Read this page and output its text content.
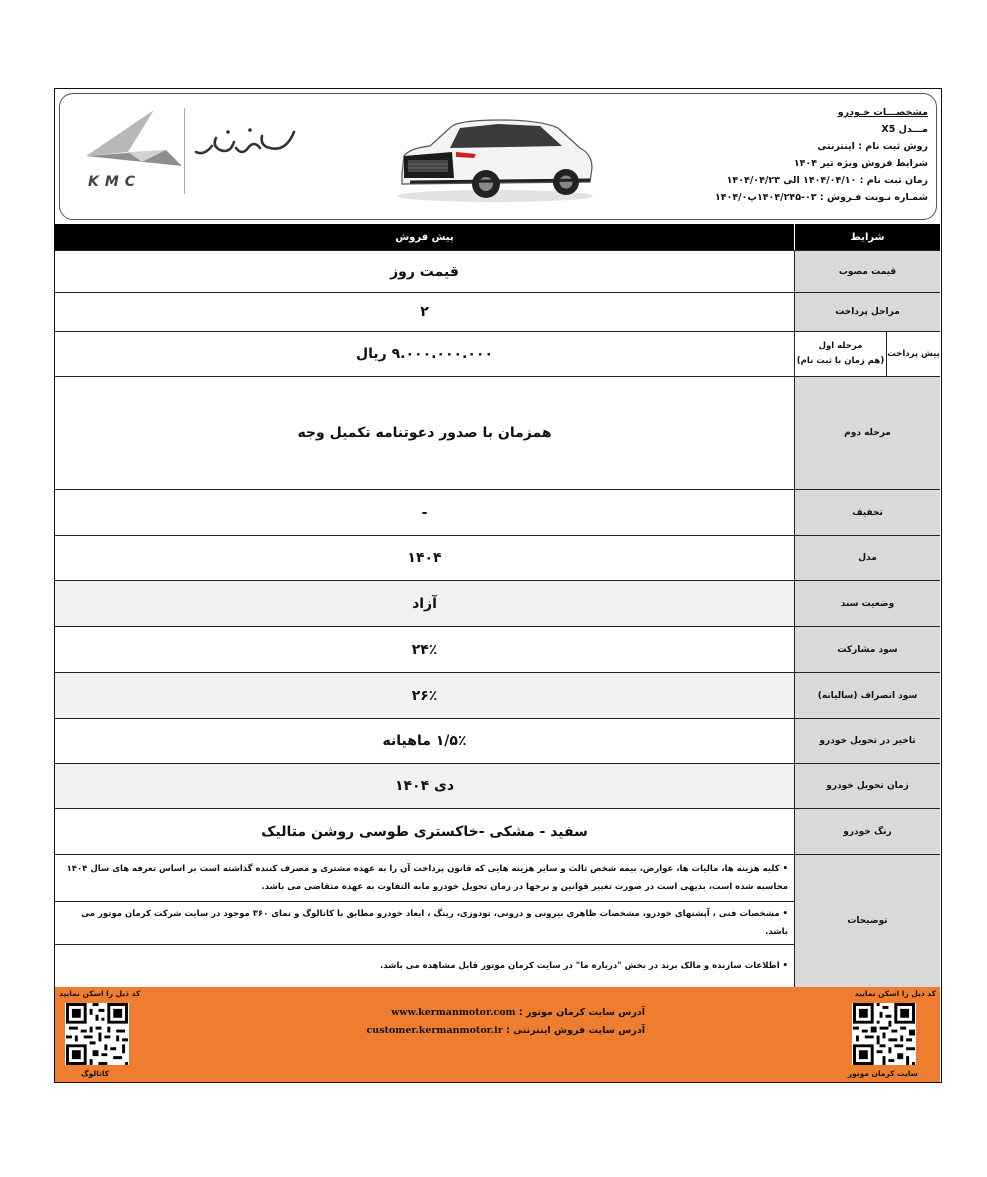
مشخصـــات خـودرو
مـــدل X5
روش ثبت نام : اینترنتی
شرایط فروش ویژه تیر ۱۴۰۴
زمان ثبت نام : ۱۴۰۴/۰۴/۱۰ الی ۱۴۰۴/۰۴/۲۳
شمـاره نـوبت فـروش : ۰۳-۱۴۰۴/۲۴۵پ۱۴۰۴/۰
KMC
شرایط
پیش فروش
قیمت مصوب
قیمت روز
مراحل پرداخت
۲
پیش پرداخت
مرحله اول
(هم زمان با ثبت نام)
۹.۰۰۰.۰۰۰.۰۰۰ ریال
مرحله دوم
همزمان با صدور دعوتنامه تکمیل وجه
تخفیف
-
مدل
۱۴۰۴
وضعیت سند
آزاد
سود مشارکت
۲۴٪
سود انصراف (سالیانه)
۲۶٪
تاخیر در تحویل خودرو
۱/۵٪ ماهیانه
زمان تحویل خودرو
دی ۱۴۰۴
رنگ خودرو
سفید - مشکی -خاکستری طوسی روشن متالیک
توضیحات
• کلیه هزینه ها، مالیات ها، عوارض، بیمه شخص ثالث و سایر هزینه هایی که قانون پرداخت آن را به عهده مشتری و مصرف کننده گذاشته است بر اساس تعرفه های سال ۱۴۰۴ محاسبه شده است، بدیهی است در صورت تغییر قوانین و نرخها در زمان تحویل خودرو مابه التفاوت به عهده متقاضی می باشد.
• مشخصات فنی ، آپشنهای خودرو، مشخصات ظاهری بیرونی و درونی، تودوزی، رینگ ، ابعاد خودرو مطابق با کاتالوگ و نمای ۳۶۰ موجود در سایت شرکت کرمان موتور می باشد.
• اطلاعات سازنده و مالک برند در بخش "درباره ما" در سایت کرمان موتور قابل مشاهده می باشد.
کد ذیل را اسکن نمایید
سایت کرمان موتور
کد ذیل را اسکن نمایید
کاتالوگ
آدرس سایت کرمان موتور : www.kermanmotor.com
آدرس سایت فروش اینترنتی : customer.kermanmotor.ir
